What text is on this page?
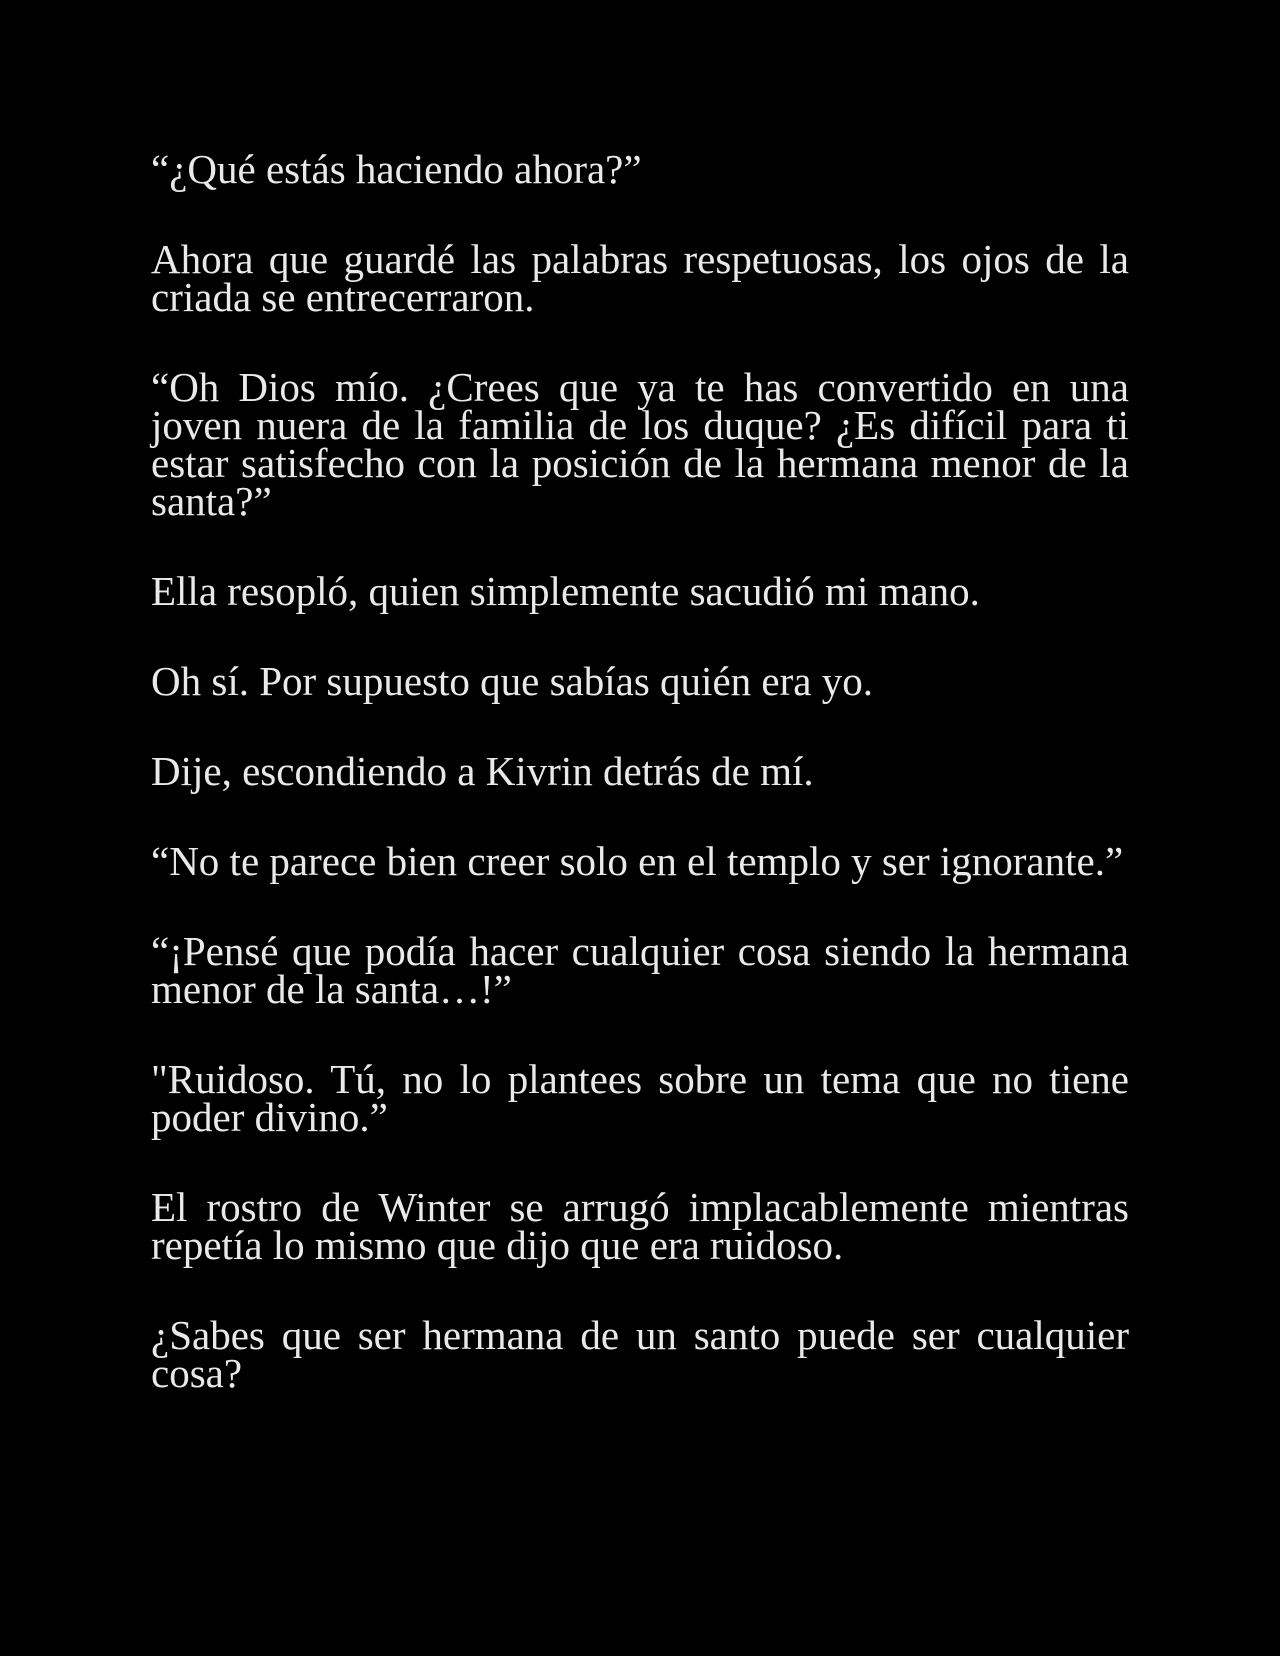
“¿Qué estás haciendo ahora?”

Ahora que guardé las palabras respetuosas, los ojos de la criada se entrecerraron.

“Oh Dios mío. ¿Crees que ya te has convertido en una joven nuera de la familia de los duque? ¿Es difícil para ti estar satisfecho con la posición de la hermana menor de la santa?”

Ella resopló, quien simplemente sacudió mi mano.

Oh sí. Por supuesto que sabías quién era yo.

Dije, escondiendo a Kivrin detrás de mí.

“No te parece bien creer solo en el templo y ser ignorante.”

“¡Pensé que podía hacer cualquier cosa siendo la hermana menor de la santa…!”

"Ruidoso. Tú, no lo plantees sobre un tema que no tiene poder divino.”

El rostro de Winter se arrugó implacablemente mientras repetía lo mismo que dijo que era ruidoso.

¿Sabes que ser hermana de un santo puede ser cualquier cosa?
